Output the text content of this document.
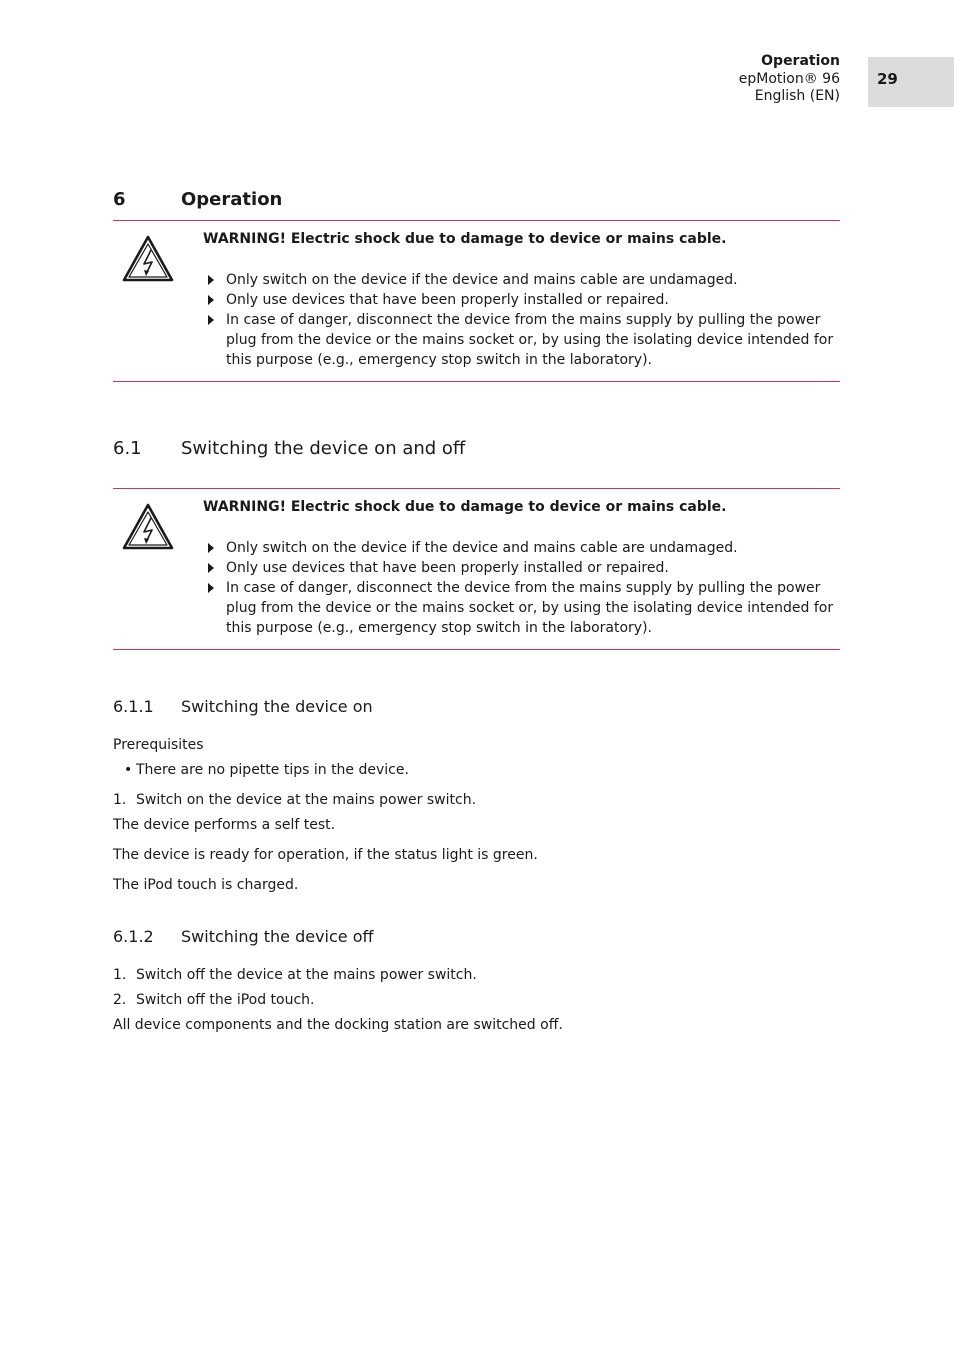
Operation
epMotion® 96
English (EN)
29
6	Operation
WARNING! Electric shock due to damage to device or mains cable.
Only switch on the device if the device and mains cable are undamaged.
Only use devices that have been properly installed or repaired.
In case of danger, disconnect the device from the mains supply by pulling the power plug from the device or the mains socket or, by using the isolating device intended for this purpose (e.g., emergency stop switch in the laboratory).
6.1 Switching the device on and off
WARNING! Electric shock due to damage to device or mains cable.
Only switch on the device if the device and mains cable are undamaged.
Only use devices that have been properly installed or repaired.
In case of danger, disconnect the device from the mains supply by pulling the power plug from the device or the mains socket or, by using the isolating device intended for this purpose (e.g., emergency stop switch in the laboratory).
6.1.1 Switching the device on
Prerequisites
• There are no pipette tips in the device.
1. Switch on the device at the mains power switch.
The device performs a self test.
The device is ready for operation, if the status light is green.
The iPod touch is charged.
6.1.2 Switching the device off
1. Switch off the device at the mains power switch.
2. Switch off the iPod touch.
All device components and the docking station are switched off.
